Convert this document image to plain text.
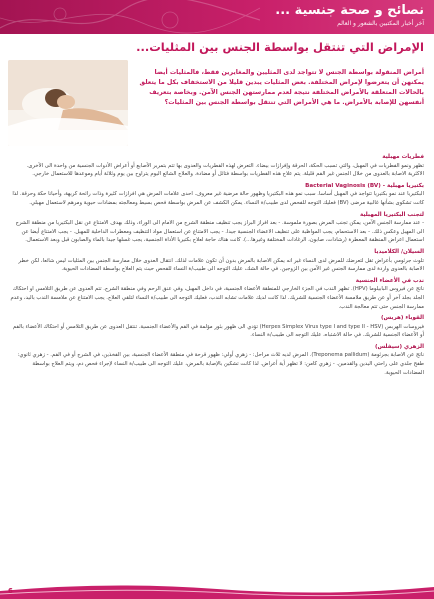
نصائح و صحة جنسية ...
آخر أخبار المكتبين بالشعور و العالم
الإمراض التي تنتقل بواسطة الجنس بين المثليات...
أمراض المنقولة بواسطة الجنس لا تتواجد لدى المثليين والمغايرين فقط، فالمثليات أيضا يمكنهن أن يتعرضوا لإمراض المختلفة. بعض المثليات يبدين قليلا من الاستخفاف بكل ما يتعلق بالحالات المتعلقة بالأمراض المختلفة نتيجة لعدم ممارستهن الجنس الآمن. وبخاصة بتعريف أنفسهن للإصابة بالأمراض. ما هي الأمراض التي تنتقل بواسطة الجنس بين المثليات؟
فطريات مهبلية

تظهر ونمو الفطريات في المهبل، والتي تسبب الحكة، الحرقة وإفرازات بيضاء. التعرض لهذه الفطريات والعدوى بها تتم بتمرير الأصابع أو أعراض الأدوات الجنسية من واحدة الى الأخرى. الاكثرية الاصابة بالعدوى من خلال الجنس غير الفم قليلة. يتم علاج هذه الفطريات بواسطة فتائل أو مضادة. والعلاج الشائع اليوم يتراوح بين يوم وثلاثة أيام وموعدها للاستعمال خارجي.

بكتيريا مهبلية - (Bacterial Vaginosis (BV

البكتيريا عند نمو بكتيريا تتواجد في المهبل أساسا. سبب نمو هذه البكتيريا وظهور حالة مرضية غير معروف. احدى علامات المرض هي افرازات كثيرة وذات رائحة كريهة، وأحيانا حكة وحرقة. لذا كانت تشكوى بشأنها غالبية مرضى (BV) فعليك التوجه للفحص لدى طبيب/ة النساء. يمكن الكشف عن المرض بواسطة فحص بسيط ومعالجته بمضادات حيوية ومرهم لاستعمال مهبلي.

لتجنب البكتيريا المهبلية

- عند ممارسة الجنس الآمن، يمكن تجنب المرض بصورة ملموسة. - بعد افراز البراز يجب تنظيف منطقة الشرج من الامام الى الوراء، وذلك بهدف الامتناع عن نقل البكتيريا من منطقة الشرج الى المهبل وعكس ذلك. - بعد الاستحمام، يجب المواظبة على تنظيف الاعضاء الجنسية جيدا. - يجب الامتناع عن استعمال مواد التنظيف ومعطرات الداخلية للمهبل. - يجب الامتناع أيضا عن استعمال اعراض المنظفة المعطرة (رشادات، صابون، الرغادات المختلفة وغيرها...). كانت هناك حاجة لعلاج بكتيريا الأداة الجنسية، يجب غسلها جيدا بالماء والصابون قبل وبعد الاستعمال.

السيلان/ الكلاميديا

تلوث جرثومي بأعراض تقل لتعرضك للمرض لدى النساء غير انه يمكن الاصابة بالمرض بدون أن تكون علامات لذلك. انتقال العدوى خلال ممارسة الجنس بين المثليات ليس شائعا، لكن خطر الاصابة بالعدوى واردة لدى ممارسة الجنس غير الآمن بين الزوجين. في حالة الشك، عليك التوجه الى طبيب/ة النساء للفحص حيث يتم العلاج بواسطة المضادات الحيوية.

ندب في الأعضاء الجنسية

ناتج عن فيروس البابيلوما (HPV). تظهر الندب في الجزء الخارجي للمنطقة الأعضاء الجنسية، في داخل المهبل، وفي عنق الرحم وفي منطقة الشرج. تتم العدوى عن طريق التلامس او احتكاك الجلد بجلد آخر أو عن طريق ملامسة الأعضاء الجنسية للشريك. لذا كانت لديك علامات تشابه الندب، فعليك التوجه الى طبيب/ة النساء لتلقي العلاج. يجب الامتناع عن ملامسة الندب باليد، وعدم ممارسة الجنس حتى تتم معالجة الندب.

القوباء (هربس)

فيروسات الهربس (Herpes Simplex Virus type I and type II - HSV) تؤدي الى ظهور بثور مؤلمة في الفم والأعضاء الجنسية. تنتقل العدوى عن طريق التلامس أو احتكاك الأعضاء بالفم أو الأعضاء الجنسية للشريك. في حالة الاشتباه، عليك التوجه الى طبيب/ة النساء.

الزهري (سيفلس)

ناتج عن الاصابة بجرثومة (Treponema pallidum). المرض لديه ثلاث مراحل: - زهري أولي: ظهور قرحة في منطقة الأعضاء الجنسية، بين الفخذين، في الشرج أو في الفم. - زهري ثانوي: طفح جلدي على راحتي اليدين والقدمين. - زهري كامن: لا تظهر أية أعراض. لذا كانت تشكين بالإصابة بالمرض، عليك التوجه الى طبيب/ة النساء لإجراء فحص دم، ويتم العلاج بواسطة المضادات الحيوية.

6
